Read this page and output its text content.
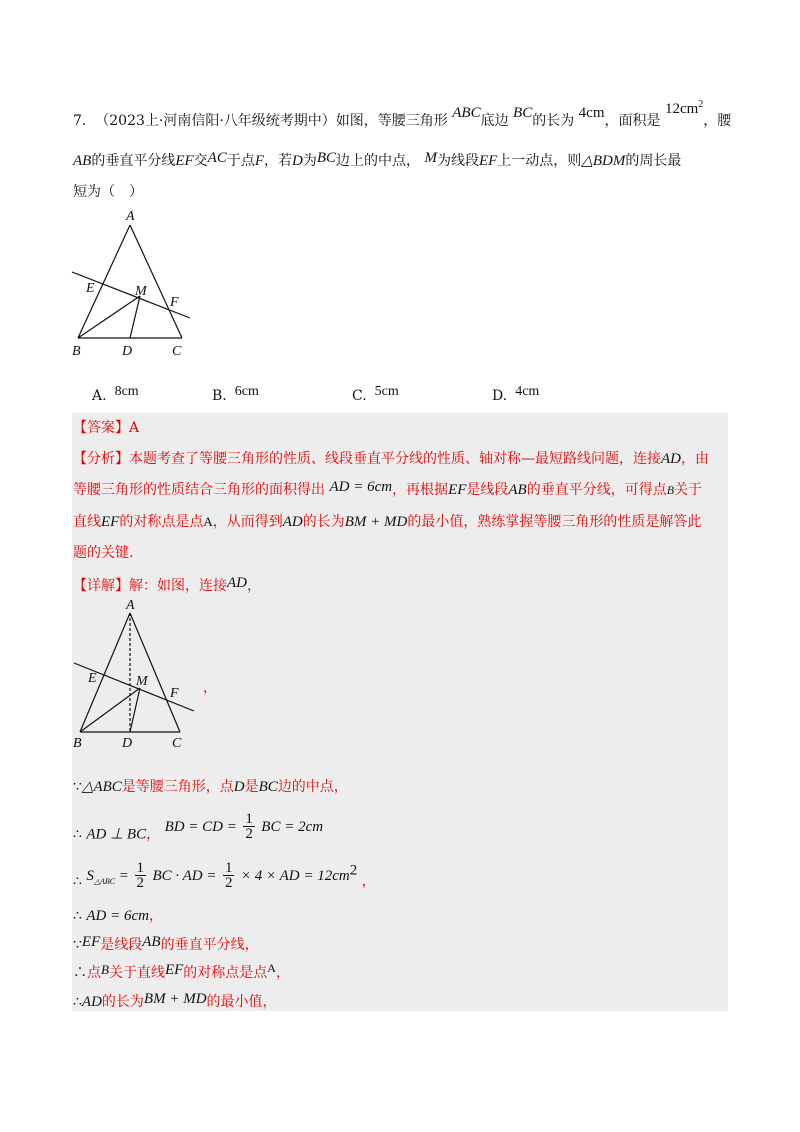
7. （2023上·河南信阳·八年级统考期中）如图，等腰三角形 ABC底边 BC的长为 4cm，面积是 $12cm^2$，腰
AB的垂直平分线EF交AC于点F，若D为BC边上的中点， M为线段EF上一动点，则△BDM的周长最
短为（　）
A
E	M
F
B	D	C
A. 8cm	B. 6cm	C. 5cm	D. 4cm
【答案】A
【分析】本题考查了等腰三角形的性质、线段垂直平分线的性质、轴对称—最短路线问题，连接AD，由
等腰三角形的性质结合三角形的面积得出 AD = 6cm，再根据EF是线段AB的垂直平分线，可得点B关于
直线EF的对称点是点A，从而得到AD的长为BM + MD的最小值，熟练掌握等腰三角形的性质是解答此
题的关键.
【详解】解：如图，连接AD，
A
E	M
F
B	D	C
，
∵△ABC是等腰三角形，点D是BC边的中点，
∴ AD ⊥ BC， BD = CD = $\frac{1}{2}$ BC = 2cm
∴ $S_{\triangle ABC} = \frac{1}{2}$ BC · AD = $\frac{1}{2} \times 4$ × AD = 12cm2 ，
∴ AD = 6cm，
∵EF是线段AB的垂直平分线，
∴点B关于直线EF的对称点是点A，
∴AD的长为BM + MD的最小值，
